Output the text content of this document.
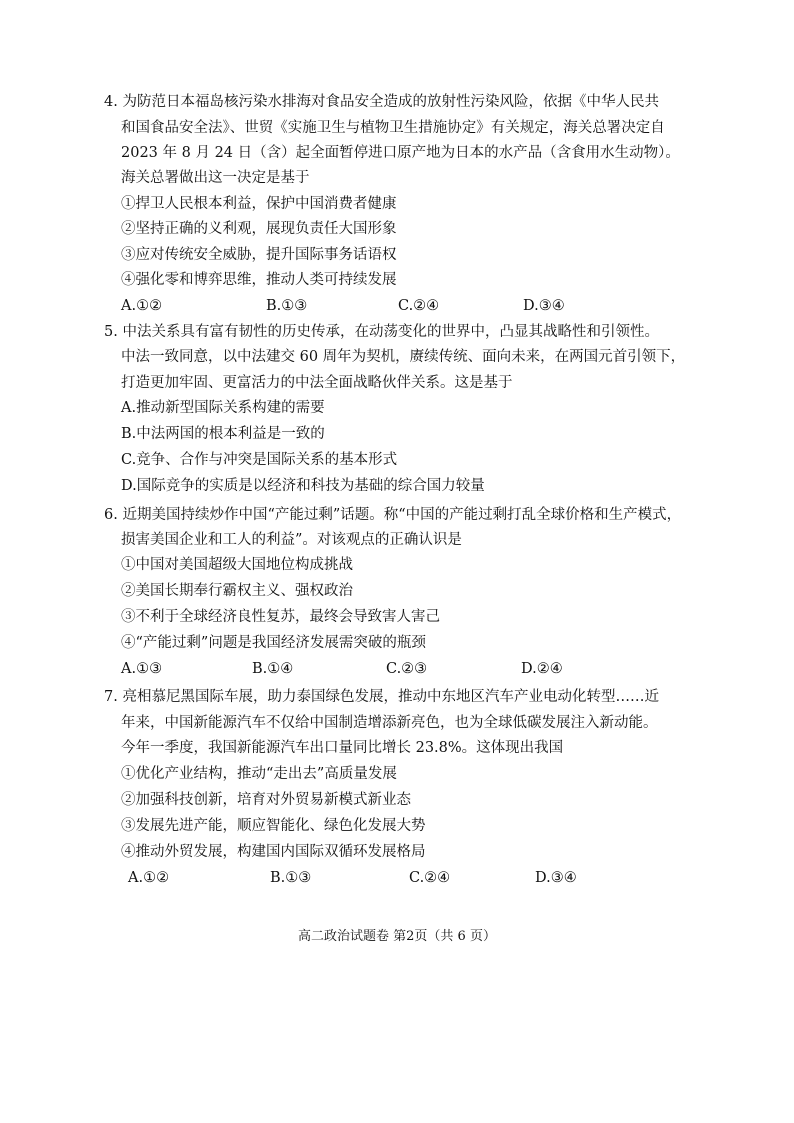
4. 为防范日本福岛核污染水排海对食品安全造成的放射性污染风险，依据《中华人民共
和国食品安全法》、世贸《实施卫生与植物卫生措施协定》有关规定，海关总署决定自
2023 年 8 月 24 日（含）起全面暂停进口原产地为日本的水产品（含食用水生动物）。
海关总署做出这一决定是基于
①捍卫人民根本利益，保护中国消费者健康
②坚持正确的义利观，展现负责任大国形象
③应对传统安全威胁，提升国际事务话语权
④强化零和博弈思维，推动人类可持续发展
A.①②	B.①③	C.②④	D.③④
5. 中法关系具有富有韧性的历史传承，在动荡变化的世界中，凸显其战略性和引领性。
中法一致同意，以中法建交 60 周年为契机，赓续传统、面向未来，在两国元首引领下，
打造更加牢固、更富活力的中法全面战略伙伴关系。这是基于
A.推动新型国际关系构建的需要
B.中法两国的根本利益是一致的
C.竞争、合作与冲突是国际关系的基本形式
D.国际竞争的实质是以经济和科技为基础的综合国力较量
6. 近期美国持续炒作中国“产能过剩”话题。称“中国的产能过剩打乱全球价格和生产模式，
损害美国企业和工人的利益”。对该观点的正确认识是
①中国对美国超级大国地位构成挑战
②美国长期奉行霸权主义、强权政治
③不利于全球经济良性复苏，最终会导致害人害己
④“产能过剩”问题是我国经济发展需突破的瓶颈
A.①③	B.①④	C.②③	D.②④
7. 亮相慕尼黑国际车展，助力泰国绿色发展，推动中东地区汽车产业电动化转型……近
年来，中国新能源汽车不仅给中国制造增添新亮色，也为全球低碳发展注入新动能。
今年一季度，我国新能源汽车出口量同比增长 23.8%。这体现出我国
①优化产业结构，推动“走出去”高质量发展
②加强科技创新，培育对外贸易新模式新业态
③发展先进产能，顺应智能化、绿色化发展大势
④推动外贸发展，构建国内国际双循环发展格局
A.①②	B.①③	C.②④	D.③④
高二政治试题卷 第2页（共 6 页）
